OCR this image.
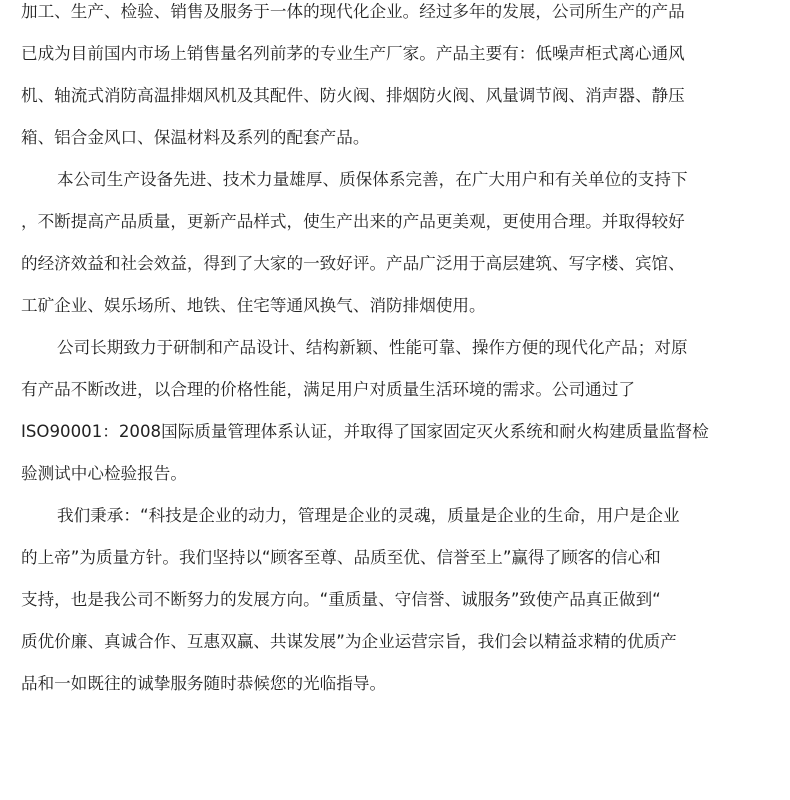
加工、生产、检验、销售及服务于一体的现代化企业。经过多年的发展，公司所生产的产品
已成为目前国内市场上销售量名列前茅的专业生产厂家。产品主要有：低噪声柜式离心通风
机、轴流式消防高温排烟风机及其配件、防火阀、排烟防火阀、风量调节阀、消声器、静压
箱、铝合金风口、保温材料及系列的配套产品。
本公司生产设备先进、技术力量雄厚、质保体系完善，在广大用户和有关单位的支持下
，不断提高产品质量，更新产品样式，使生产出来的产品更美观，更使用合理。并取得较好
的经济效益和社会效益，得到了大家的一致好评。产品广泛用于高层建筑、写字楼、宾馆、
工矿企业、娱乐场所、地铁、住宅等通风换气、消防排烟使用。
公司长期致力于研制和产品设计、结构新颖、性能可靠、操作方便的现代化产品；对原
有产品不断改进，以合理的价格性能，满足用户对质量生活环境的需求。公司通过了
ISO90001：2008国际质量管理体系认证，并取得了国家固定灭火系统和耐火构建质量监督检
验测试中心检验报告。
我们秉承：“科技是企业的动力，管理是企业的灵魂，质量是企业的生命，用户是企业
的上帝”为质量方针。我们坚持以“顾客至尊、品质至优、信誉至上”赢得了顾客的信心和
支持，也是我公司不断努力的发展方向。“重质量、守信誉、诚服务”致使产品真正做到“
质优价廉、真诚合作、互惠双赢、共谋发展”为企业运营宗旨，我们会以精益求精的优质产
品和一如既往的诚挚服务随时恭候您的光临指导。
